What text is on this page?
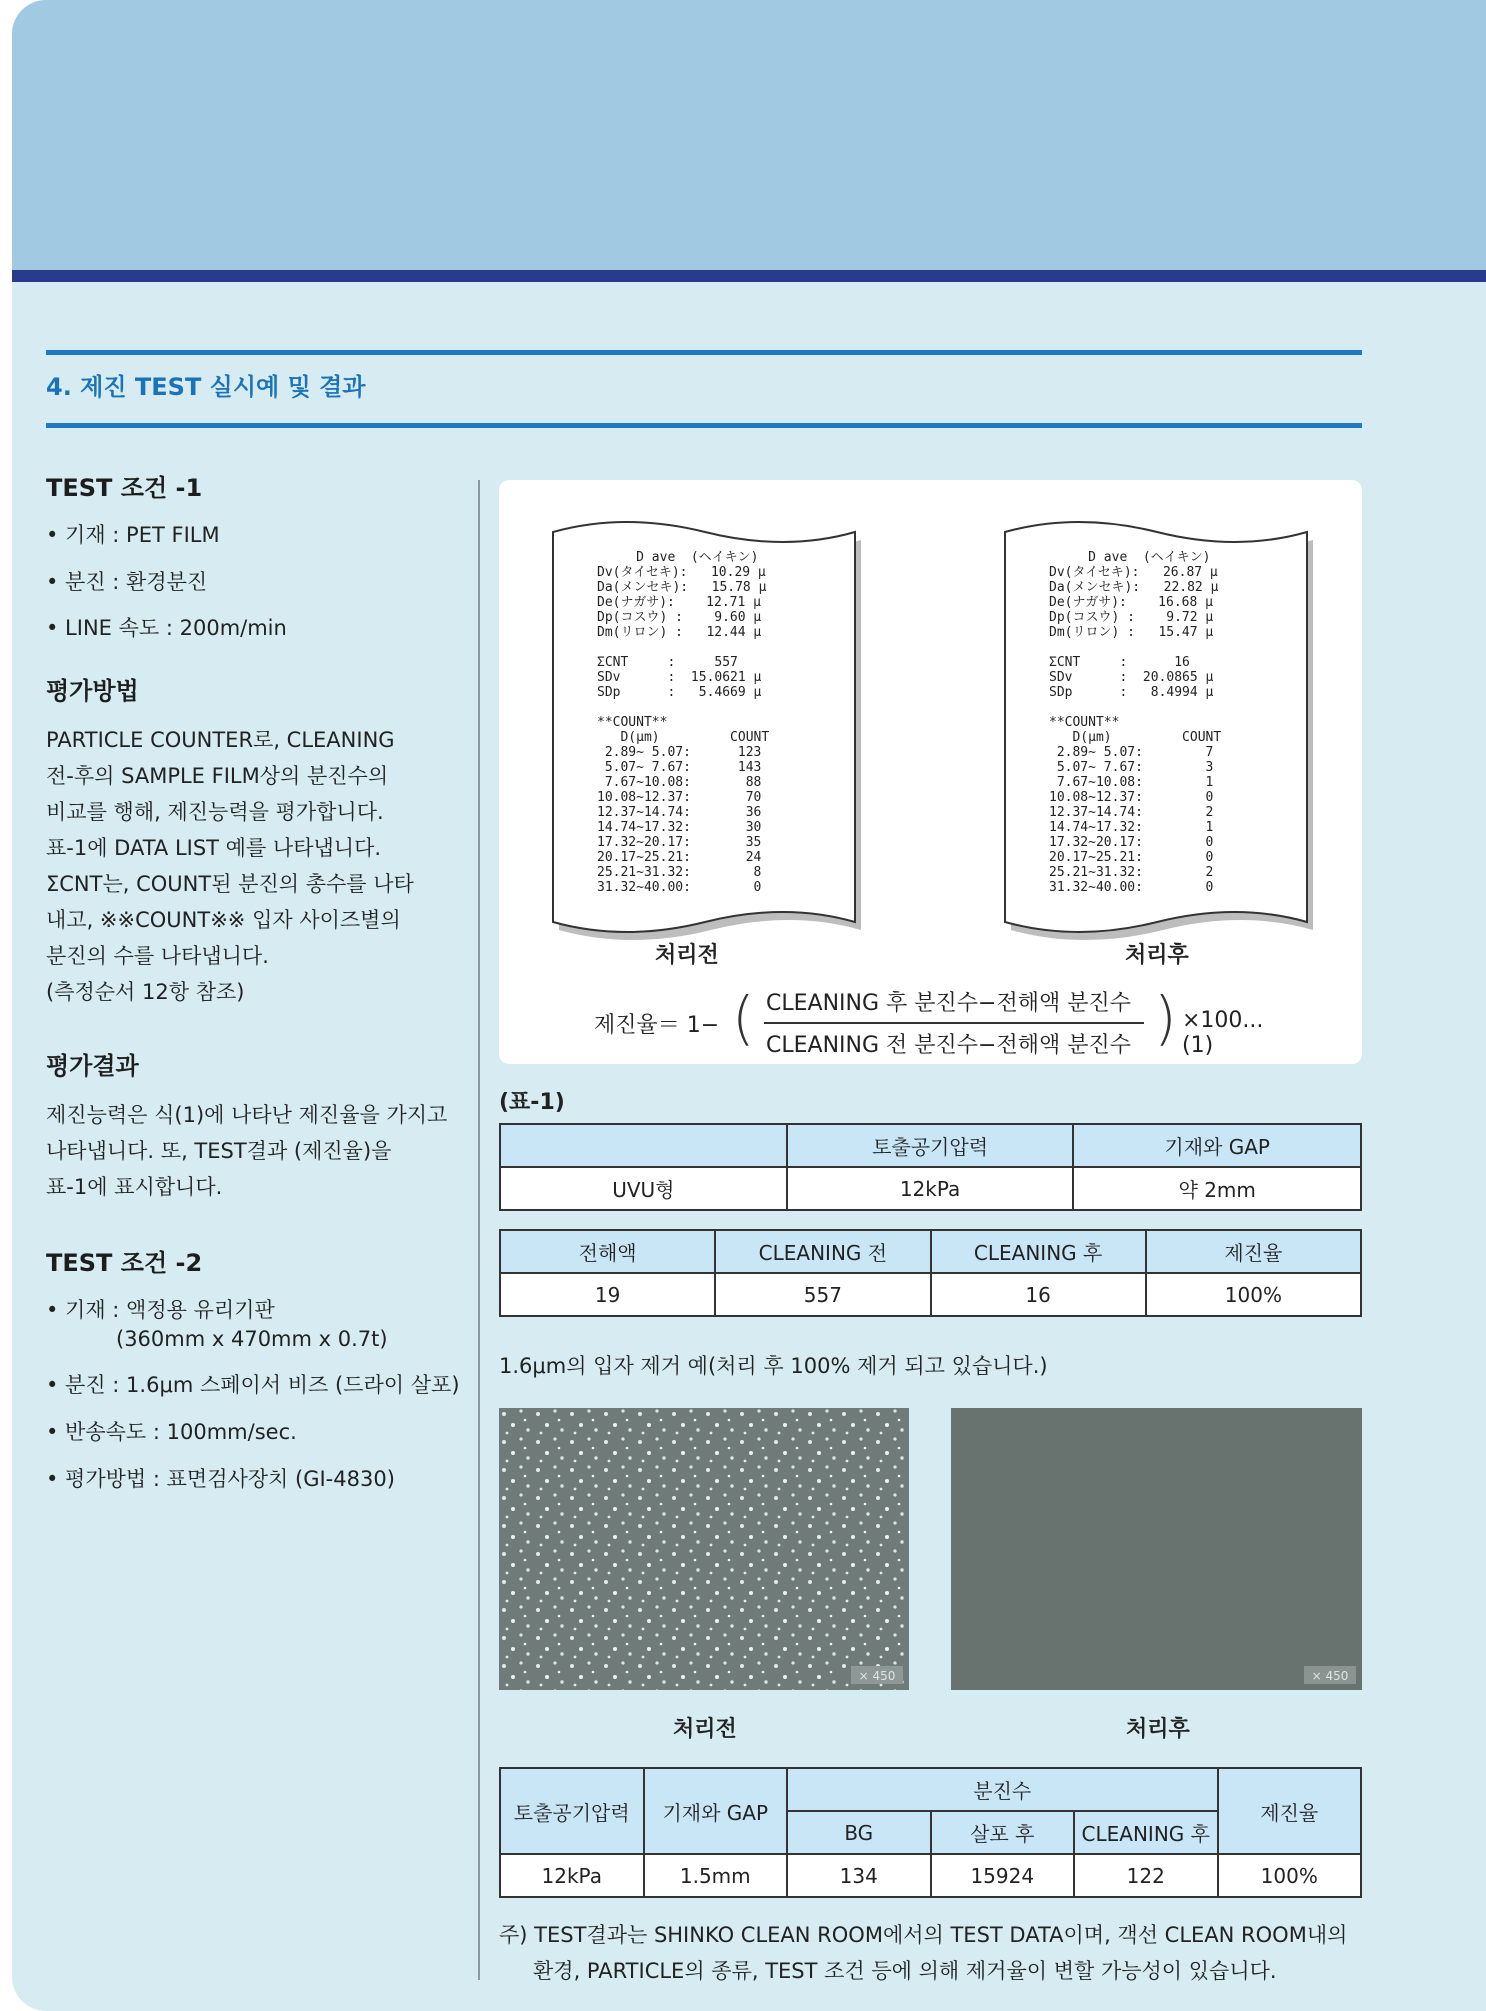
4. 제진 TEST 실시예 및 결과
TEST 조건 -1
• 기재 : PET FILM
• 분진 : 환경분진
• LINE 속도 : 200m/min
평가방법

PARTICLE COUNTER로, CLEANING

전-후의 SAMPLE FILM상의 분진수의

비교를 행해, 제진능력을 평가합니다.

표-1에 DATA LIST 예를 나타냅니다.

ΣCNT는, COUNT된 분진의 총수를 나타

내고, ※※COUNT※※ 입자 사이즈별의

분진의 수를 나타냅니다.

(측정순서 12항 참조)

평가결과

제진능력은 식(1)에 나타난 제진율을 가지고

나타냅니다. 또, TEST결과 (제진율)을

표-1에 표시합니다.

TEST 조건 -2
• 기재 : 액정용 유리기판
(360mm x 470mm x 0.7t)
• 분진 : 1.6μm 스페이서 비즈 (드라이 살포)
• 반송속도 : 100mm/sec.
• 평가방법 : 표면검사장치 (GI-4830)
D ave  (ヘイキン)
Dv(タイセキ):   10.29 μ
Da(メンセキ):   15.78 μ
De(ナガサ):    12.71 μ
Dp(コスウ) :    9.60 μ
Dm(リロン) :   12.44 μ

ΣCNT     :     557
SDv      :  15.0621 μ
SDp      :   5.4669 μ

**COUNT**
D(μm)         COUNT
2.89~ 5.07:      123
5.07~ 7.67:      143
7.67~10.08:       88
10.08~12.37:       70
12.37~14.74:       36
14.74~17.32:       30
17.32~20.17:       35
20.17~25.21:       24
25.21~31.32:        8
31.32~40.00:        0
처리전
D ave  (ヘイキン)
Dv(タイセキ):   26.87 μ
Da(メンセキ):   22.82 μ
De(ナガサ):    16.68 μ
Dp(コスウ) :    9.72 μ
Dm(リロン) :   15.47 μ

ΣCNT     :      16
SDv      :  20.0865 μ
SDp      :   8.4994 μ

**COUNT**
D(μm)         COUNT
2.89~ 5.07:        7
5.07~ 7.67:        3
7.67~10.08:        1
10.08~12.37:        0
12.37~14.74:        2
14.74~17.32:        1
17.32~20.17:        0
20.17~25.21:        0
25.21~31.32:        2
31.32~40.00:        0
처리후
제진율＝ 1− ( CLEANING 후 분진수−전해액 분진수
CLEANING 전 분진수−전해액 분진수 ) ×100...(1)
(표-1)
	토출공기압력	기재와 GAP
UVU형	12kPa	약 2mm
전해액	CLEANING 전	CLEANING 후	제진율
19	557	16	100%
1.6μm의 입자 제거 예(처리 후 100% 제거 되고 있습니다.)
× 450	× 450
처리전	처리후
토출공기압력	기재와 GAP	분진수			제진율
		BG	살포 후	CLEANING 후	
12kPa	1.5mm	134	15924	122	100%
주) TEST결과는 SHINKO CLEAN ROOM에서의 TEST DATA이며, 객선 CLEAN ROOM내의
환경, PARTICLE의 종류, TEST 조건 등에 의해 제거율이 변할 가능성이 있습니다.
